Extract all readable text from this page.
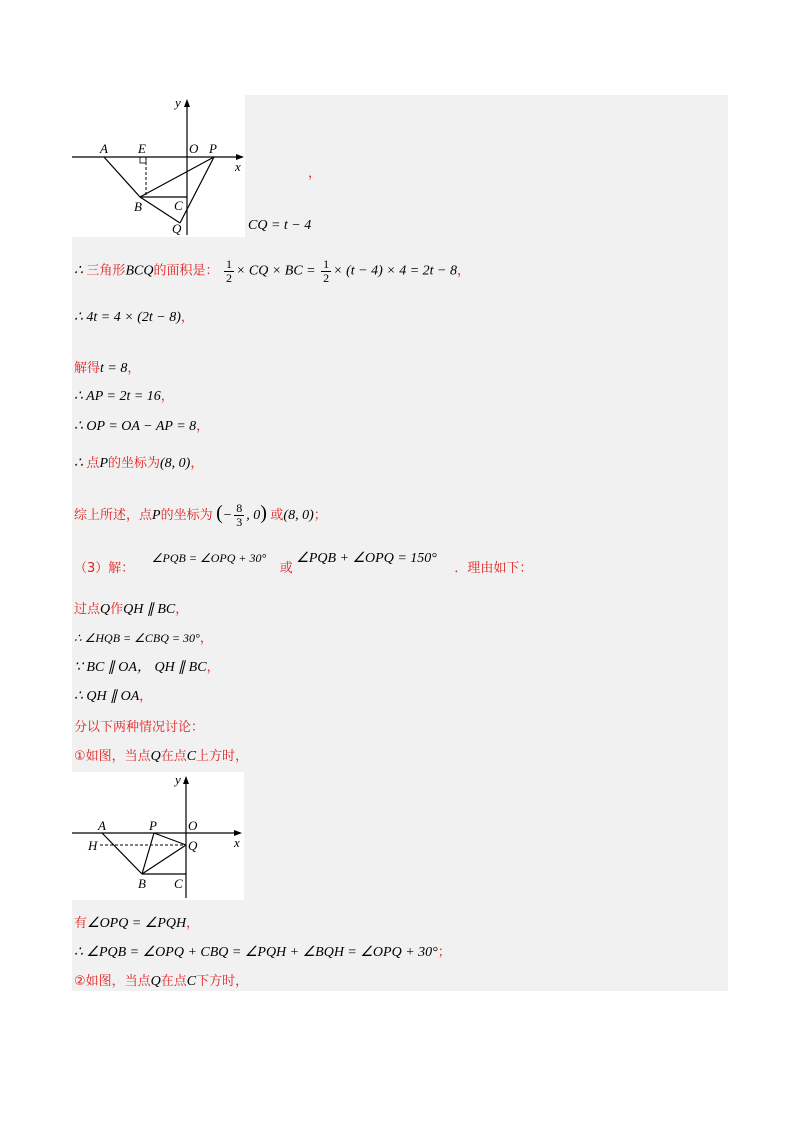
A E	O P
y
x
B C
Q
，
CQ = t − 4
∴ 三角形BCQ的面积是： $\frac{1}{2}$ × CQ × BC = $\frac{1}{2} \times (t - 4) \times 4 = 2t - 8$，
∴ 4t = 4 × (2t − 8)，
解得t = 8，
∴ AP = 2t = 16，
∴ OP = OA − AP = 8，
∴ 点P的坐标为(8, 0)，
综上所述，点P的坐标为 (− $\frac{8}{3}$ , 0) 或(8, 0)；
（3）解： ∠PQB = ∠OPQ + 30° 或 ∠PQB + ∠OPQ = 150° ．理由如下：
过点Q作QH ∥ BC，
∴ ∠HQB = ∠CBQ = 30°，
∵ BC ∥ OA， QH ∥ BC，
∴ QH ∥ OA，
分以下两种情况讨论：
①如图，当点Q在点C上方时，
A	P O
y
x
H	Q
B C
有∠OPQ = ∠PQH，
∴ ∠PQB = ∠OPQ + CBQ = ∠PQH + ∠BQH = ∠OPQ + 30°；
②如图，当点Q在点C下方时，
